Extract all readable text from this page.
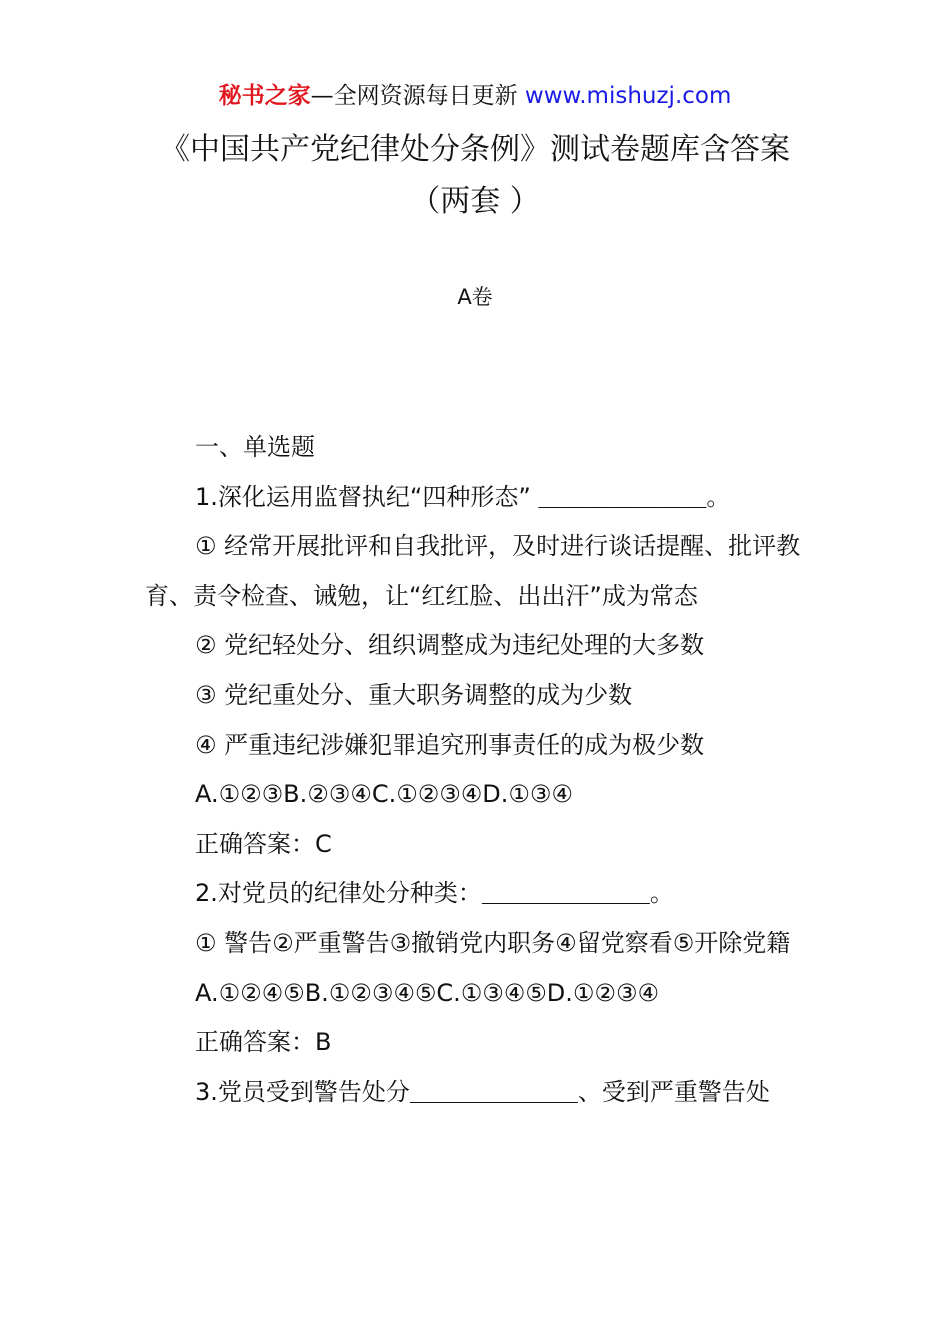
秘书之家—全网资源每日更新 www.mishuzj.com
《中国共产党纪律处分条例》测试卷题库含答案（两套 ）
A卷

一、单选题

1.深化运用监督执纪“四种形态” ＿＿＿＿＿＿＿。

① 经常开展批评和自我批评，及时进行谈话提醒、批评教育、责令检查、诫勉，让“红红脸、出出汗”成为常态

② 党纪轻处分、组织调整成为违纪处理的大多数

③ 党纪重处分、重大职务调整的成为少数

④ 严重违纪涉嫌犯罪追究刑事责任的成为极少数

A.①②③B.②③④C.①②③④D.①③④

正确答案：C

2.对党员的纪律处分种类：＿＿＿＿＿＿＿。

① 警告②严重警告③撤销党内职务④留党察看⑤开除党籍

A.①②④⑤B.①②③④⑤C.①③④⑤D.①②③④

正确答案：B

3.党员受到警告处分＿＿＿＿＿＿＿、受到严重警告处
